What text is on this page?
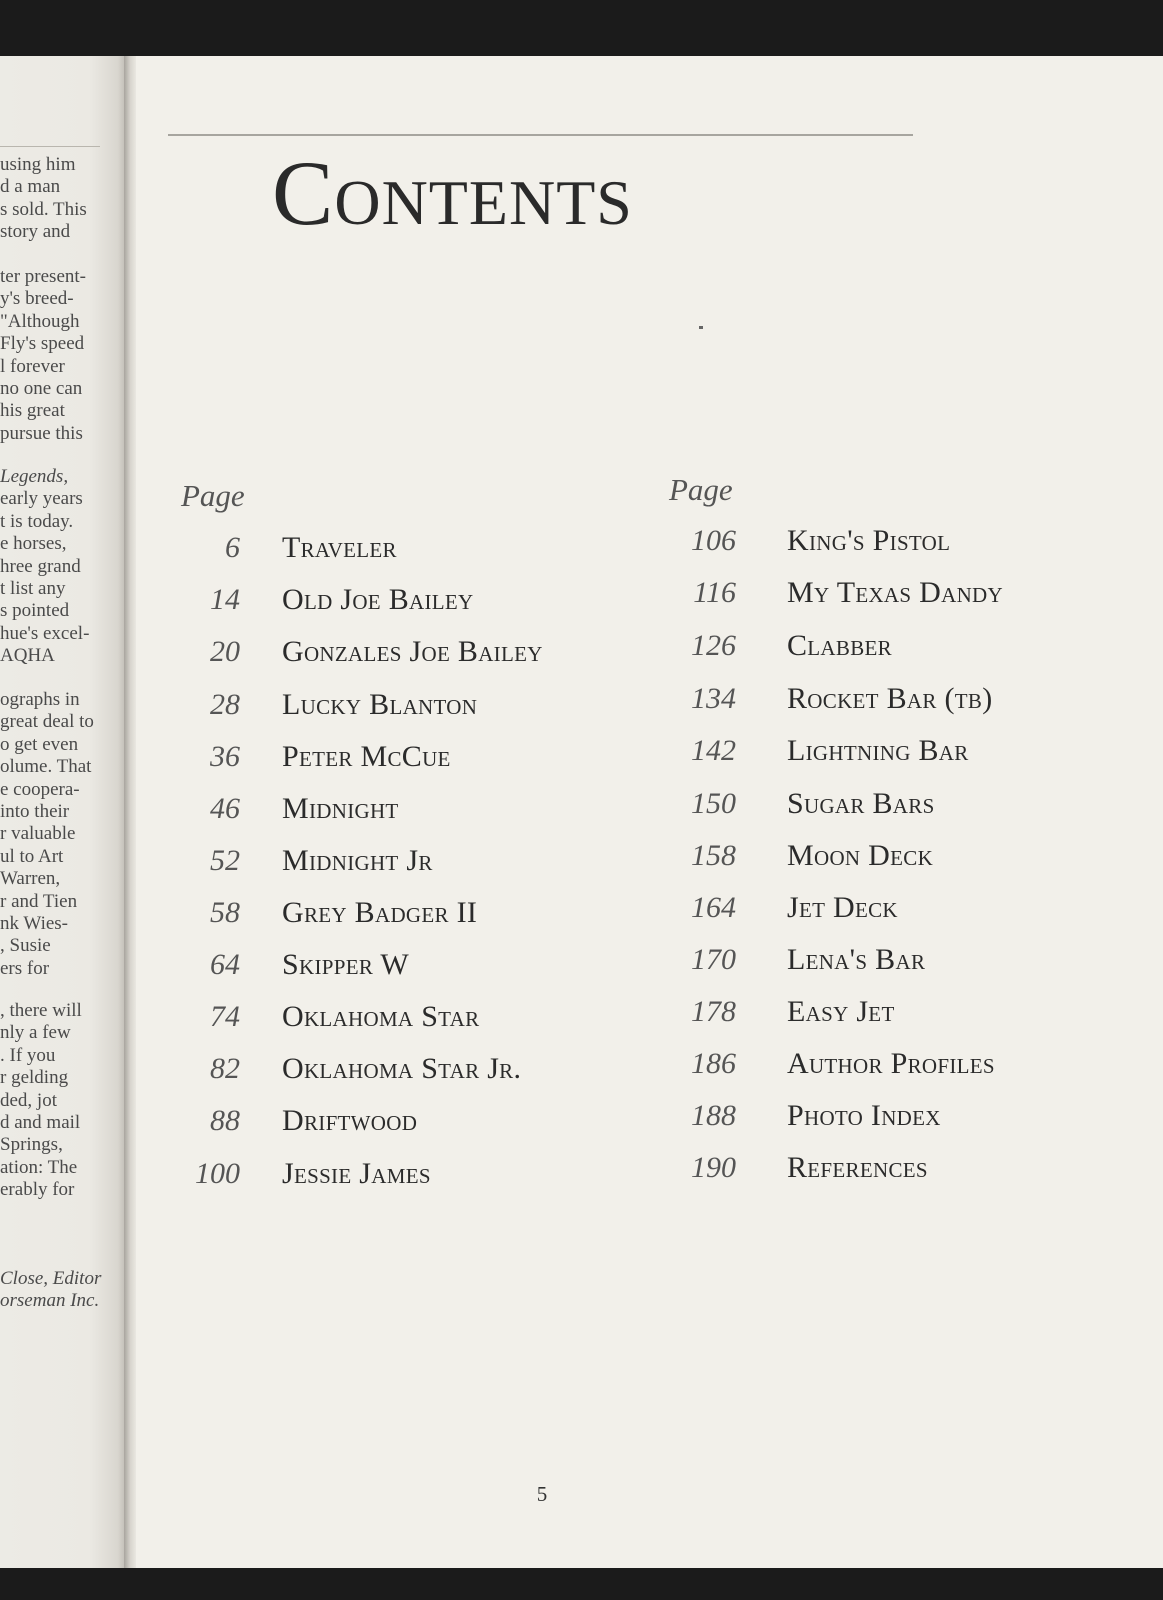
using him
d a man
s sold. This
story and
ter present-
y's breed-
"Although
Fly's speed
l forever
no one can
his great
pursue this
Legends,
early years
t is today.
e horses,
hree grand
t list any
s pointed
hue's excel-
AQHA
ographs in
great deal to
o get even
olume. That
e coopera-
into their
r valuable
ul to Art
Warren,
r and Tien
nk Wies-
, Susie
ers for
, there will
nly a few
. If you
r gelding
ded, jot
d and mail
Springs,
ation: The
erably for
Close, Editor
orseman Inc.
Contents
Page	Page
6 Traveler
14 Old Joe Bailey
20 Gonzales Joe Bailey
28 Lucky Blanton
36 Peter McCue
46 Midnight
52 Midnight Jr
58 Grey Badger II
64 Skipper W
74 Oklahoma Star
82 Oklahoma Star Jr.
88 Driftwood
100 Jessie James
106 King's Pistol
116 My Texas Dandy
126 Clabber
134 Rocket Bar (tb)
142 Lightning Bar
150 Sugar Bars
158 Moon Deck
164 Jet Deck
170 Lena's Bar
178 Easy Jet
186 Author Profiles
188 Photo Index
190 References
5
